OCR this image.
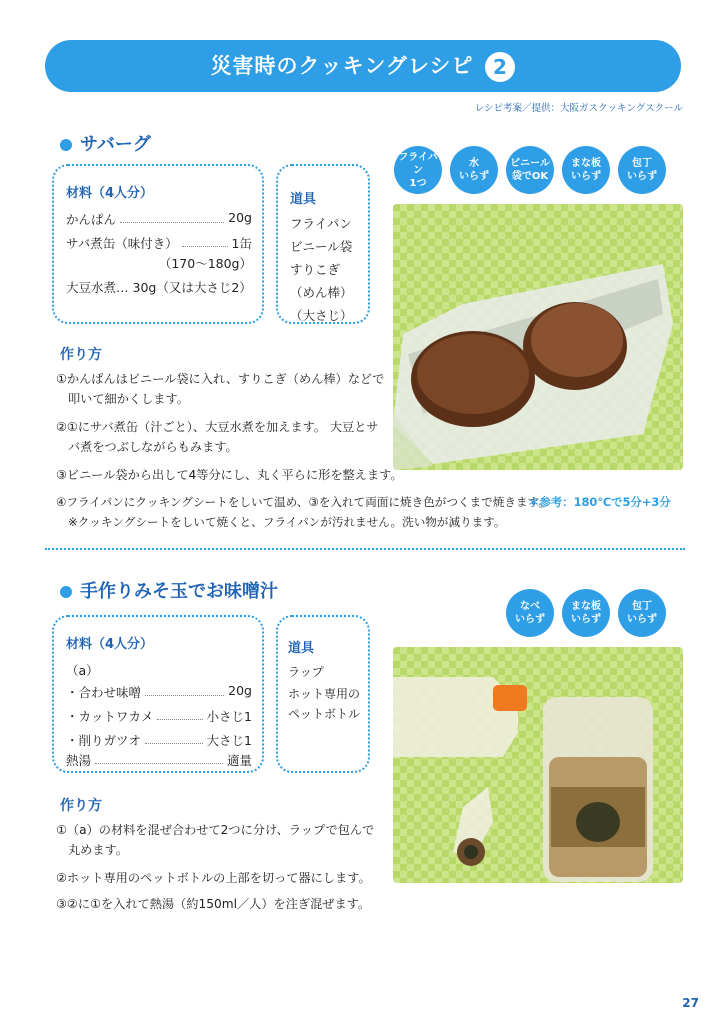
災害時のクッキングレシピ 2
レシピ考案／提供：大阪ガスクッキングスクール
サバーグ
フライパン
1つ
水
いらず
ビニール
袋でOK
まな板
いらず
包丁
いらず
材料（4人分）
かんぱん	20g
サバ煮缶（味付き）	1缶
（170～180g）
大豆水煮… 30g（又は大さじ2）
道具
フライパン
ビニール袋
すりこぎ
（めん棒）
（大さじ）
作り方
①かんぱんはビニール袋に入れ、すりこぎ（めん棒）などで
叩いて細かくします。
②①にサバ煮缶（汁ごと）、大豆水煮を加えます。 大豆とサ
バ煮をつぶしながらもみます。
③ビニール袋から出して4等分にし、丸く平らに形を整えます。
④フライパンにクッキングシートをしいて温め、③を入れて両面に焼き色がつくまで焼きます。
＊参考：180℃で5分+3分
※クッキングシートをしいて焼くと、フライパンが汚れません。洗い物が減ります。
手作りみそ玉でお味噌汁
なべ
いらず
まな板
いらず
包丁
いらず
材料（4人分）
（a）
・合わせ味噌	20g
・カットワカメ	小さじ1
・削りガツオ	大さじ1
熱湯	適量
道具
ラップ
ホット専用の
ペットボトル
作り方
①（a）の材料を混ぜ合わせて2つに分け、ラップで包んで
丸めます。
②ホット専用のペットボトルの上部を切って器にします。
③②に①を入れて熱湯（約150ml／人）を注ぎ混ぜます。
27
